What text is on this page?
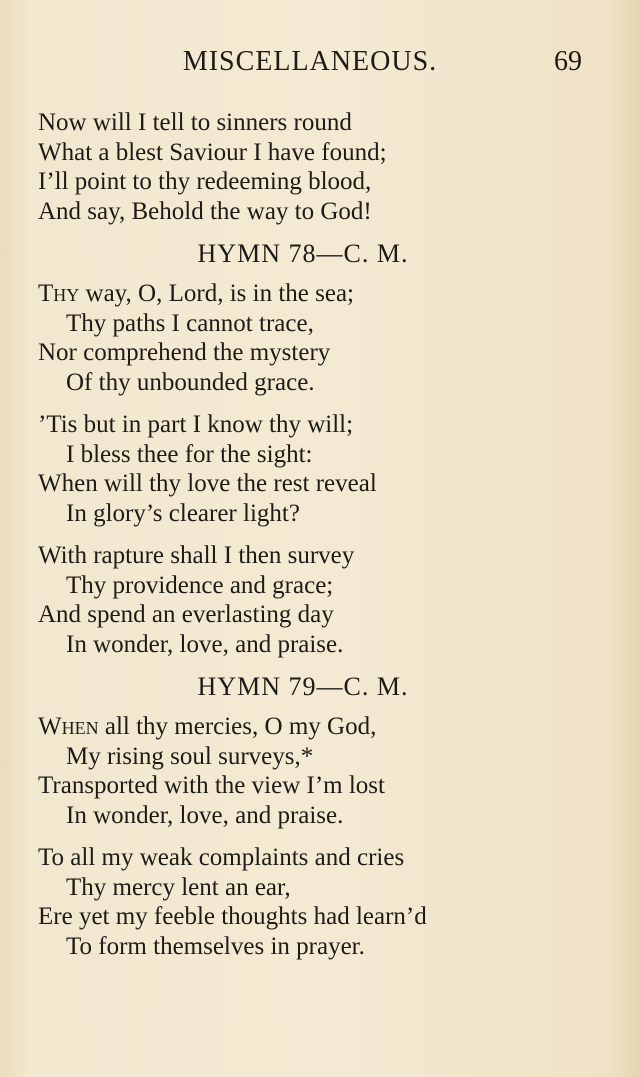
MISCELLANEOUS.	69
Now will I tell to sinners round
What a blest Saviour I have found;
I’ll point to thy redeeming blood,
And say, Behold the way to God!
HYMN 78—C. M.
Thy way, O, Lord, is in the sea;
Thy paths I cannot trace,
Nor comprehend the mystery
Of thy unbounded grace.
’Tis but in part I know thy will;
I bless thee for the sight:
When will thy love the rest reveal
In glory’s clearer light?
With rapture shall I then survey
Thy providence and grace;
And spend an everlasting day
In wonder, love, and praise.
HYMN 79—C. M.
When all thy mercies, O my God,
My rising soul surveys,*
Transported with the view I’m lost
In wonder, love, and praise.
To all my weak complaints and cries
Thy mercy lent an ear,
Ere yet my feeble thoughts had learn’d
To form themselves in prayer.
